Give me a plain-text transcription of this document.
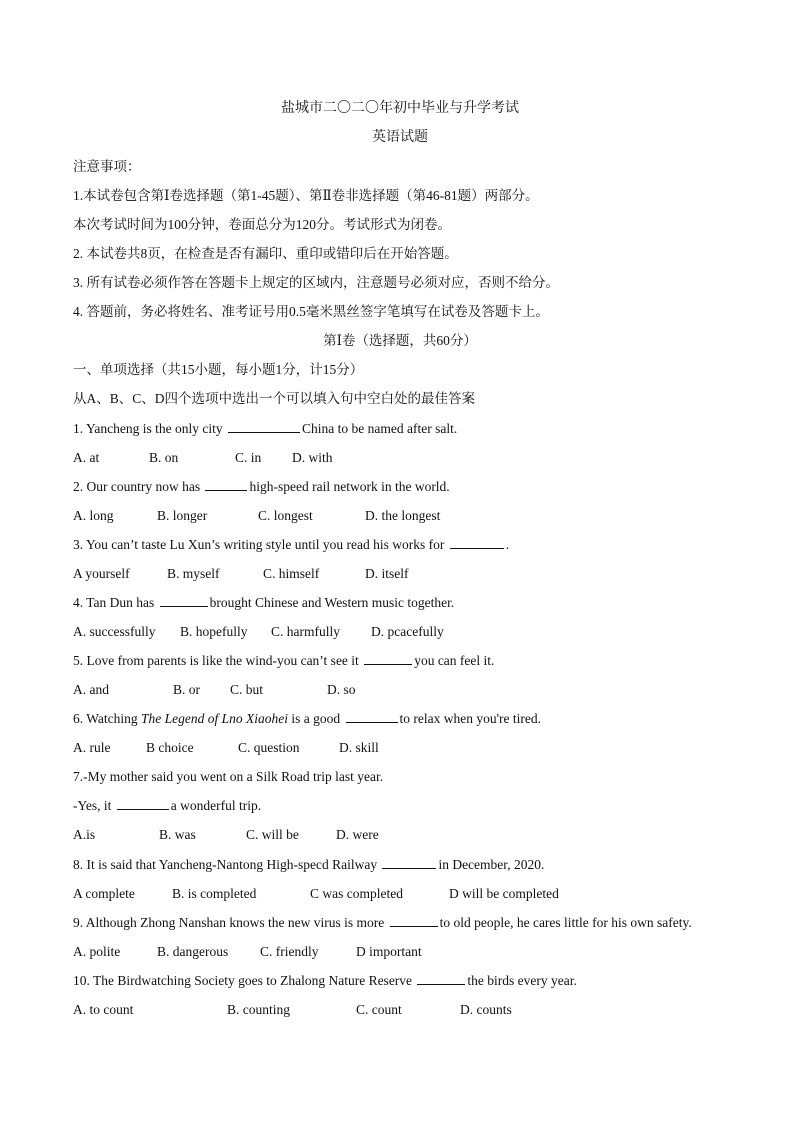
盐城市二〇二〇年初中毕业与升学考试
英语试题
注意事项：
1.本试卷包含第Ⅰ卷选择题（第1-45题）、第Ⅱ卷非选择题（第46-81题）两部分。
本次考试时间为100分钟，卷面总分为120分。考试形式为闭卷。
2. 本试卷共8页，在检查是否有漏印、重印或错印后在开始答题。
3. 所有试卷必须作答在答题卡上规定的区域内，注意题号必须对应，否则不给分。
4. 答题前，务必将姓名、准考证号用0.5毫米黑丝签字笔填写在试卷及答题卡上。
第Ⅰ卷（选择题，共60分）
一、单项选择（共15小题，每小题1分，计15分）
从A、B、C、D四个选项中选出一个可以填入句中空白处的最佳答案
1. Yancheng is the only city	China to be named after salt.
A. at	B. on	C. in D. with
2. Our country now has	high-speed rail network in the world.
A. long	B. longer	C. longest	D. the longest
3. You can’t taste Lu Xun’s writing style until you read his works for	.
A yourself	B. myself	C. himself	D. itself
4. Tan Dun has	brought Chinese and Western music together.
A. successfully B. hopefully C. harmfully D. pcacefully
5. Love from parents is like the wind-you can’t see it	you can feel it.
A. and	B. or C. but	D. so
6. Watching The Legend of Lno Xiaohei is a good	to relax when you're tired.
A. rule	B choice	C. question	D. skill
7.-My mother said you went on a Silk Road trip last year.
-Yes, it	a wonderful trip.
A.is	B. was	C. will be	D. were
8. It is said that Yancheng-Nantong High-specd Railway	in December, 2020.
A complete	B. is completed	C was completed	D will be completed
9. Although Zhong Nanshan knows the new virus is more	to old people, he cares little for his own safety.
A. polite	B. dangerous C. friendly	D important
10. The Birdwatching Society goes to Zhalong Nature Reserve	the birds every year.
A. to count	B. counting	C. count	D. counts
